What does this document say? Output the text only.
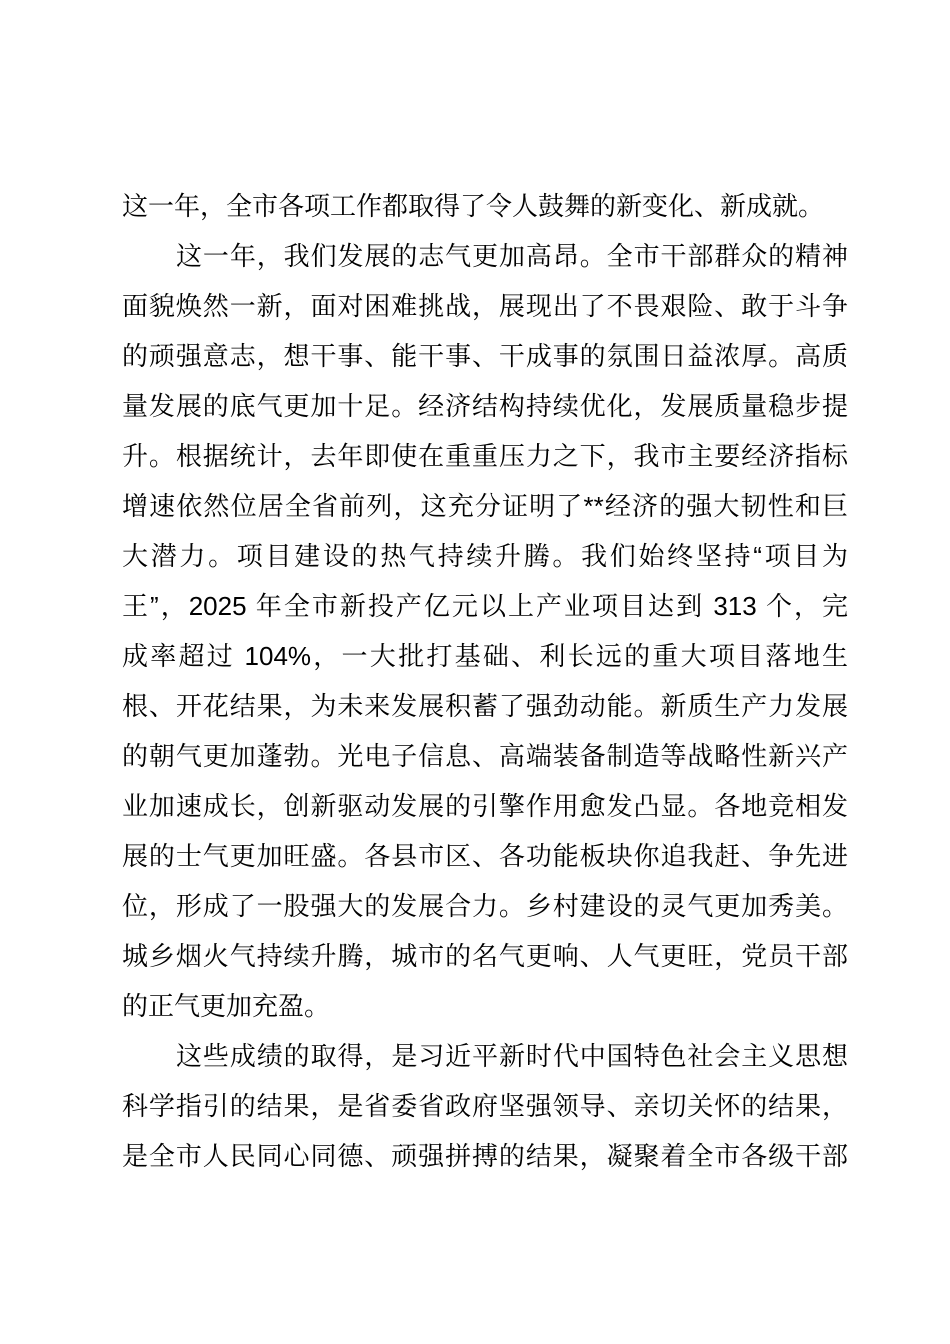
这一年，全市各项工作都取得了令人鼓舞的新变化、新成就。
这一年，我们发展的志气更加高昂。全市干部群众的精神
面貌焕然一新，面对困难挑战，展现出了不畏艰险、敢于斗争
的顽强意志，想干事、能干事、干成事的氛围日益浓厚。高质
量发展的底气更加十足。经济结构持续优化，发展质量稳步提
升。根据统计，去年即使在重重压力之下，我市主要经济指标
增速依然位居全省前列，这充分证明了**经济的强大韧性和巨
大潜力。项目建设的热气持续升腾。我们始终坚持“项目为
王”，2025 年全市新投产亿元以上产业项目达到 313 个，完
成率超过 104%，一大批打基础、利长远的重大项目落地生
根、开花结果，为未来发展积蓄了强劲动能。新质生产力发展
的朝气更加蓬勃。光电子信息、高端装备制造等战略性新兴产
业加速成长，创新驱动发展的引擎作用愈发凸显。各地竞相发
展的士气更加旺盛。各县市区、各功能板块你追我赶、争先进
位，形成了一股强大的发展合力。乡村建设的灵气更加秀美。
城乡烟火气持续升腾，城市的名气更响、人气更旺，党员干部
的正气更加充盈。
这些成绩的取得，是习近平新时代中国特色社会主义思想
科学指引的结果，是省委省政府坚强领导、亲切关怀的结果，
是全市人民同心同德、顽强拼搏的结果，凝聚着全市各级干部
